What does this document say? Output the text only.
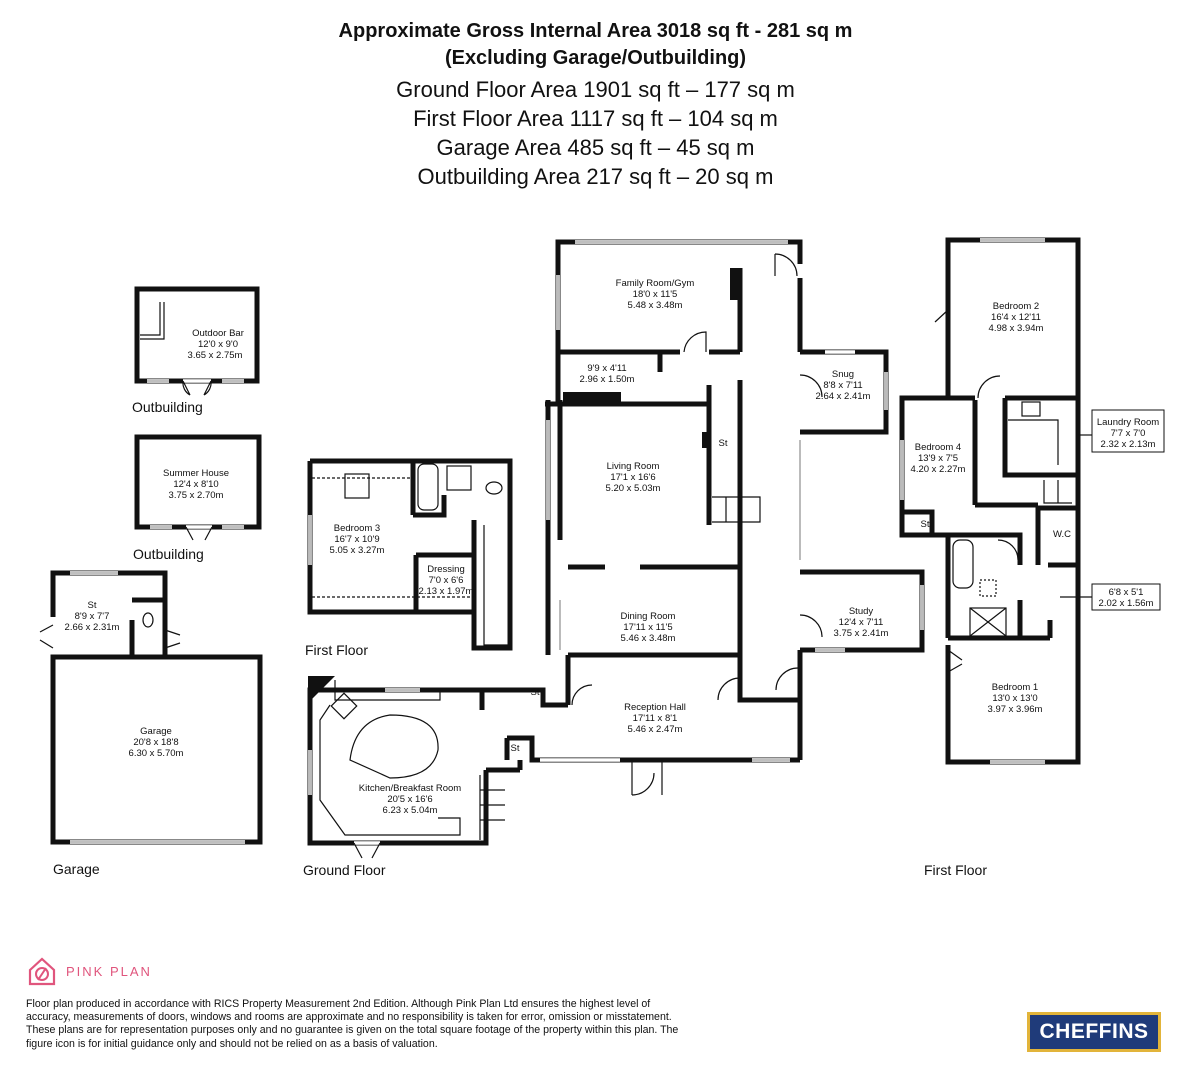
Approximate Gross Internal Area 3018 sq ft - 281 sq m
(Excluding Garage/Outbuilding)
Ground Floor Area 1901 sq ft – 177 sq m
First Floor Area 1117 sq ft – 104 sq m
Garage Area 485 sq ft – 45 sq m
Outbuilding Area 217 sq ft – 20 sq m
Outdoor Bar
12'0 x 9'0
3.65 x 2.75m
Outbuilding
Summer House
12'4 x 8'10
3.75 x 2.70m
Outbuilding
St
8'9 x 7'7
2.66 x 2.31m
Garage
20'8 x 18'8
6.30 x 5.70m
Garage
Bedroom 3
16'7 x 10'9
5.05 x 3.27m
Dressing
7'0 x 6'6
2.13 x 1.97m
First Floor
Family Room/Gym
18'0 x 11'5
5.48 x 3.48m
9'9 x 4'11
2.96 x 1.50m
St
Living Room
17'1 x 16'6
5.20 x 5.03m
Dining Room
17'11 x 11'5
5.46 x 3.48m
St
St
Reception Hall
17'11 x 8'1
5.46 x 2.47m
Kitchen/Breakfast Room
20'5 x 16'6
6.23 x 5.04m
Snug
8'8 x 7'11
2.64 x 2.41m
Study
12'4 x 7'11
3.75 x 2.41m
Ground Floor
Bedroom 2
16'4 x 12'11
4.98 x 3.94m
St
Bedroom 4
13'9 x 7'5
4.20 x 2.27m
Laundry Room
7'7 x 7'0
2.32 x 2.13m
W.C
6'8 x 5'1
2.02 x 1.56m
Bedroom 1
13'0 x 13'0
3.97 x 3.96m
First Floor
PINK PLAN
Floor plan produced in accordance with RICS Property Measurement 2nd Edition. Although Pink Plan Ltd ensures the highest level of accuracy, measurements of doors, windows and rooms are approximate and no responsibility is taken for error, omission or misstatement. These plans are for representation purposes only and no guarantee is given on the total square footage of the property within this plan. The figure icon is for initial guidance only and should not be relied on as a basis of valuation.
CHEFFINS
